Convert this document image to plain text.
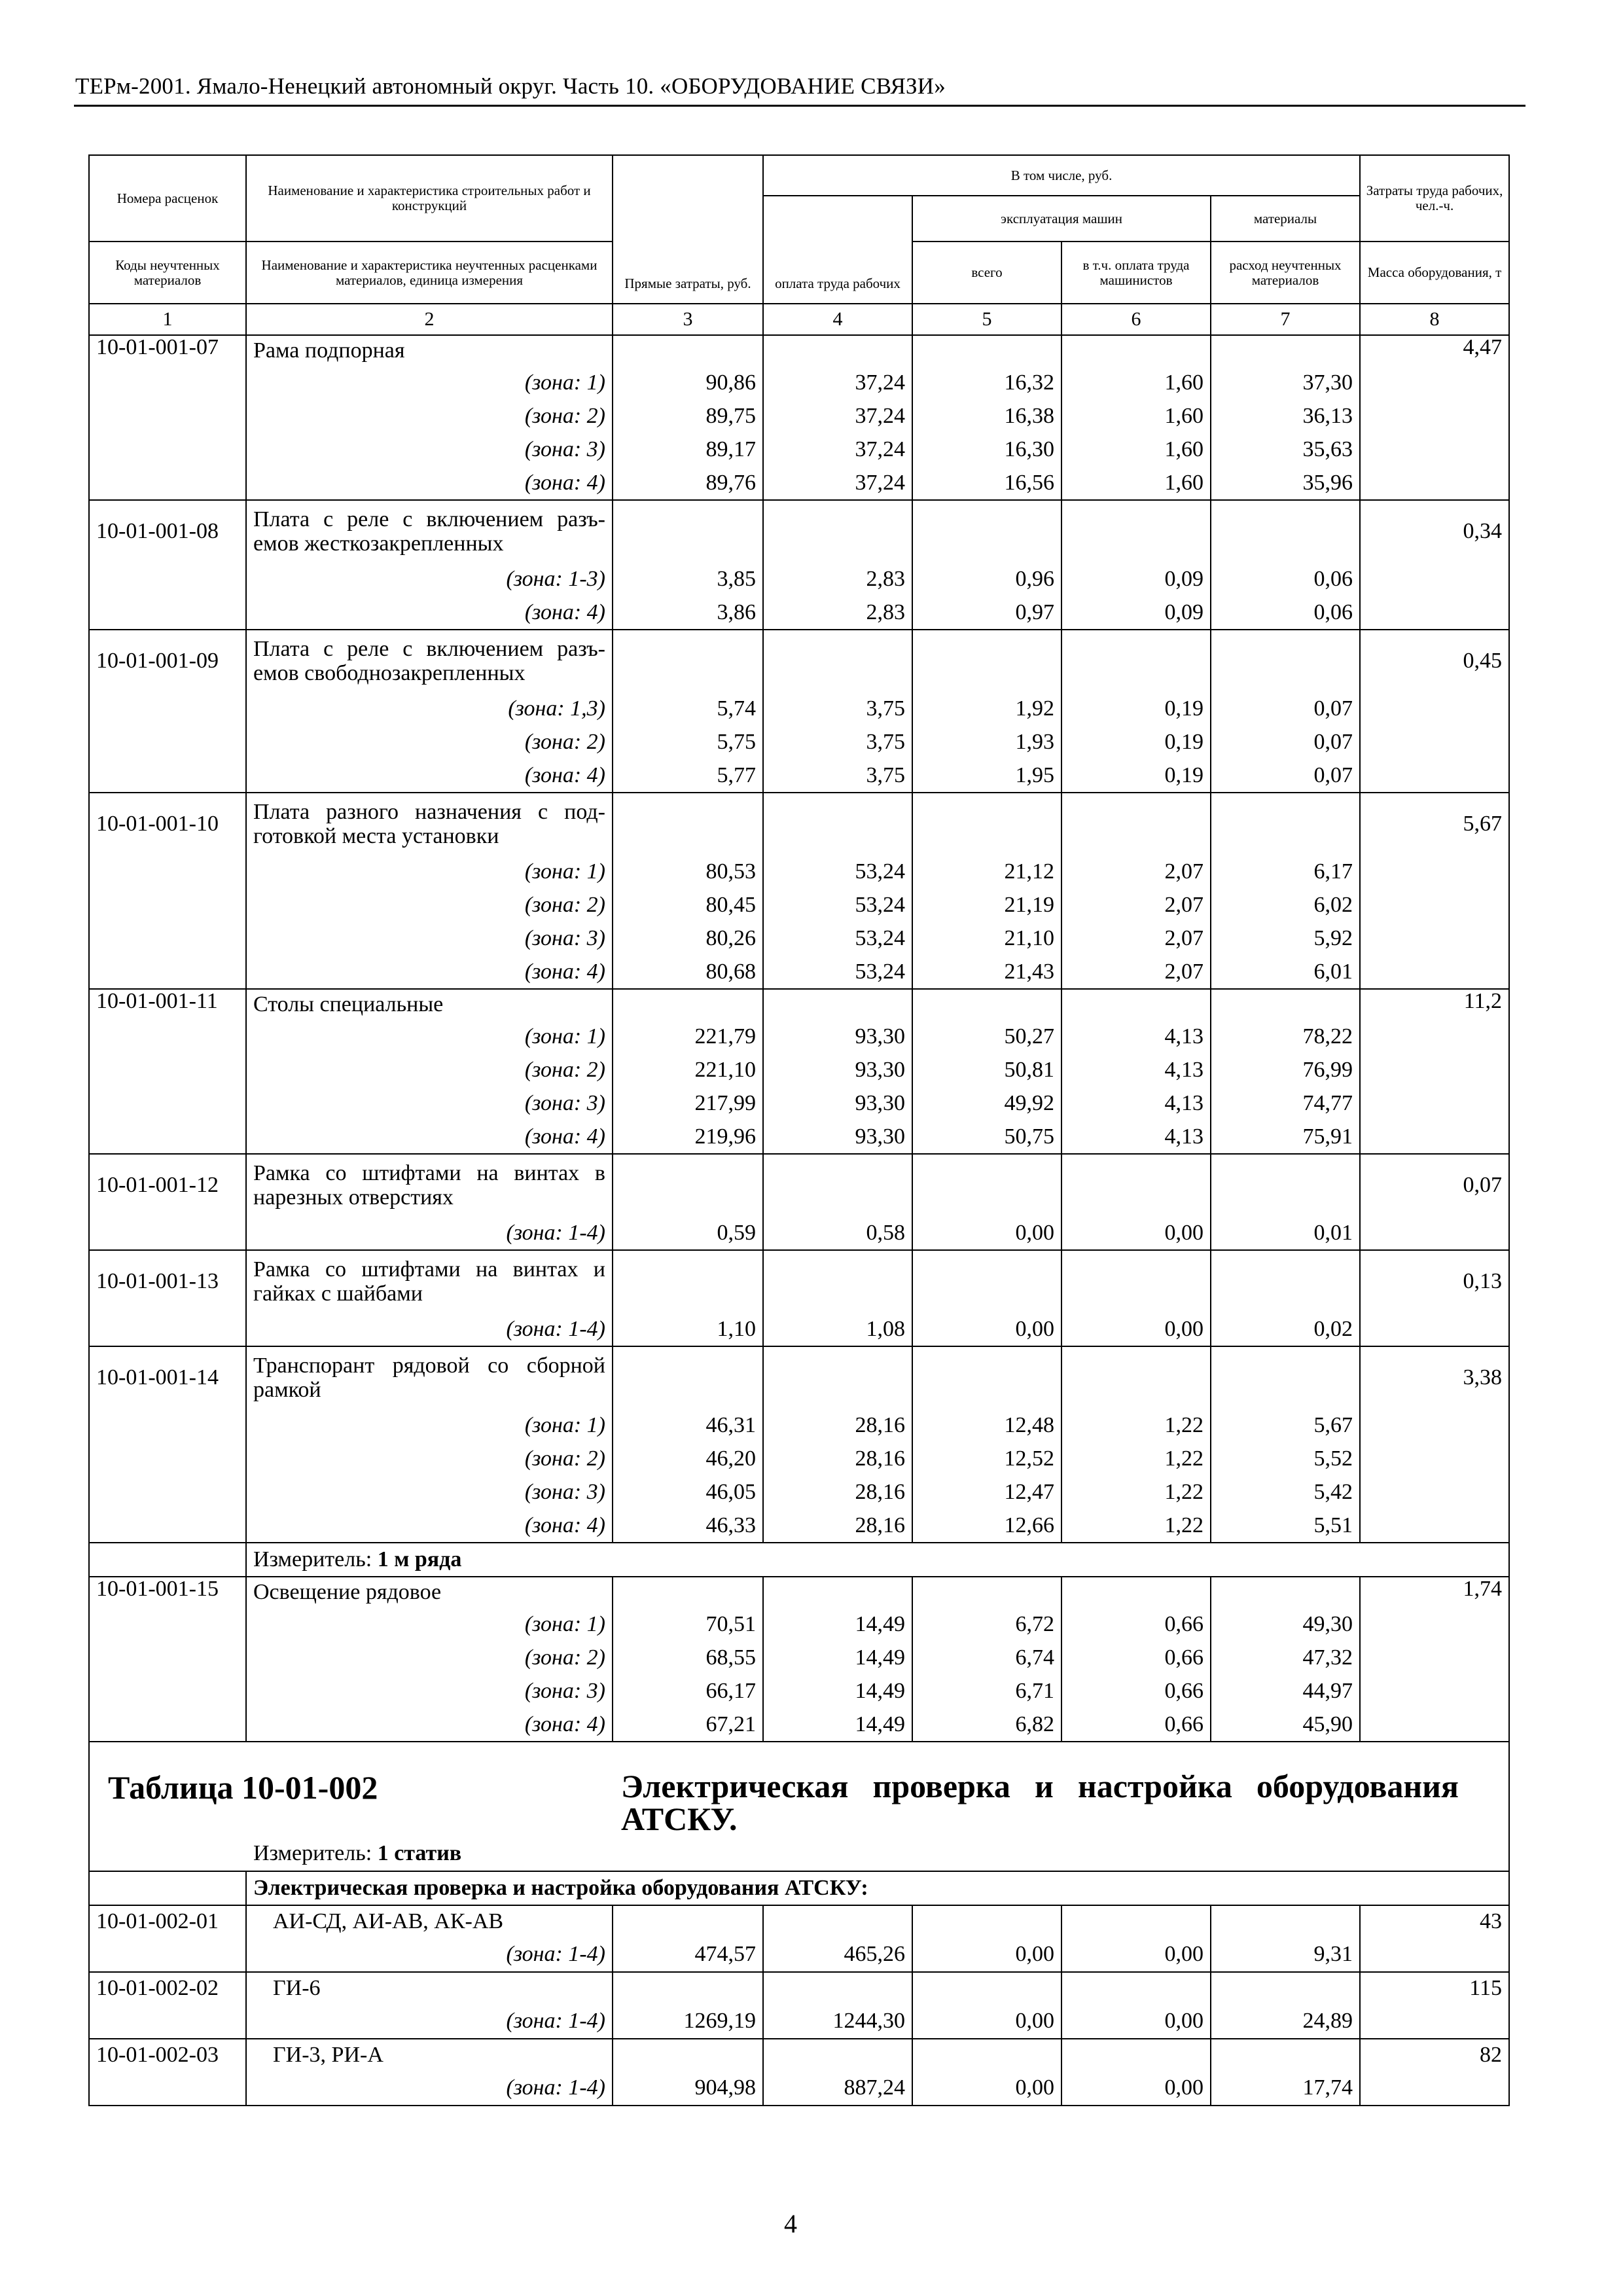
ТЕРм-2001. Ямало-Ненецкий автономный округ. Часть 10. «ОБОРУДОВАНИЕ СВЯЗИ»
Номера расценок	Наименование и характеристика строительных работ и конструкций	Прямые затраты, руб.	В том числе, руб.				Затраты труда рабочих, чел.-ч.
			оплата труда рабочих	эксплуатация машин		материалы	
Коды неучтенных материалов	Наименование и характеристика неучтенных расценками материалов, единица измерения			всего	в т.ч. оплата труда машинистов	расход неучтенных материалов	Масса оборудования, т
1	2	3	4	5	6	7	8
10-01-001-07	Рама подпорная						4,47
	(зона: 1)	90,86	37,24	16,32	1,60	37,30	
	(зона: 2)	89,75	37,24	16,38	1,60	36,13	
	(зона: 3)	89,17	37,24	16,30	1,60	35,63	
	(зона: 4)	89,76	37,24	16,56	1,60	35,96	
10-01-001-08	Плата с реле с включением разъ-емов жесткозакрепленных						0,34
	(зона: 1-3)	3,85	2,83	0,96	0,09	0,06	
	(зона: 4)	3,86	2,83	0,97	0,09	0,06	
10-01-001-09	Плата с реле с включением разъ-емов свободнозакрепленных						0,45
	(зона: 1,3)	5,74	3,75	1,92	0,19	0,07	
	(зона: 2)	5,75	3,75	1,93	0,19	0,07	
	(зона: 4)	5,77	3,75	1,95	0,19	0,07	
10-01-001-10	Плата разного назначения с под-готовкой места установки						5,67
	(зона: 1)	80,53	53,24	21,12	2,07	6,17	
	(зона: 2)	80,45	53,24	21,19	2,07	6,02	
	(зона: 3)	80,26	53,24	21,10	2,07	5,92	
	(зона: 4)	80,68	53,24	21,43	2,07	6,01	
10-01-001-11	Столы специальные						11,2
	(зона: 1)	221,79	93,30	50,27	4,13	78,22	
	(зона: 2)	221,10	93,30	50,81	4,13	76,99	
	(зона: 3)	217,99	93,30	49,92	4,13	74,77	
	(зона: 4)	219,96	93,30	50,75	4,13	75,91	
10-01-001-12	Рамка со штифтами на винтах в нарезных отверстиях						0,07
	(зона: 1-4)	0,59	0,58	0,00	0,00	0,01	
10-01-001-13	Рамка со штифтами на винтах и гайках с шайбами						0,13
	(зона: 1-4)	1,10	1,08	0,00	0,00	0,02	
10-01-001-14	Транспорант рядовой со сборной рамкой						3,38
	(зона: 1)	46,31	28,16	12,48	1,22	5,67	
	(зона: 2)	46,20	28,16	12,52	1,22	5,52	
	(зона: 3)	46,05	28,16	12,47	1,22	5,42	
	(зона: 4)	46,33	28,16	12,66	1,22	5,51	
	Измеритель: 1 м ряда						
10-01-001-15	Освещение рядовое						1,74
	(зона: 1)	70,51	14,49	6,72	0,66	49,30	
	(зона: 2)	68,55	14,49	6,74	0,66	47,32	
	(зона: 3)	66,17	14,49	6,71	0,66	44,97	
	(зона: 4)	67,21	14,49	6,82	0,66	45,90	

Таблица 10-01-002 Электрическая проверка и настройка оборудования АТСКУ.
Измеритель: 1 статив							

	Электрическая проверка и настройка оборудования АТСКУ:						
10-01-002-01	АИ-СД, АИ-АВ, АК-АВ						43
	(зона: 1-4)	474,57	465,26	0,00	0,00	9,31	
10-01-002-02	ГИ-6						115
	(зона: 1-4)	1269,19	1244,30	0,00	0,00	24,89	
10-01-002-03	ГИ-3, РИ-А						82
	(зона: 1-4)	904,98	887,24	0,00	0,00	17,74	
4
